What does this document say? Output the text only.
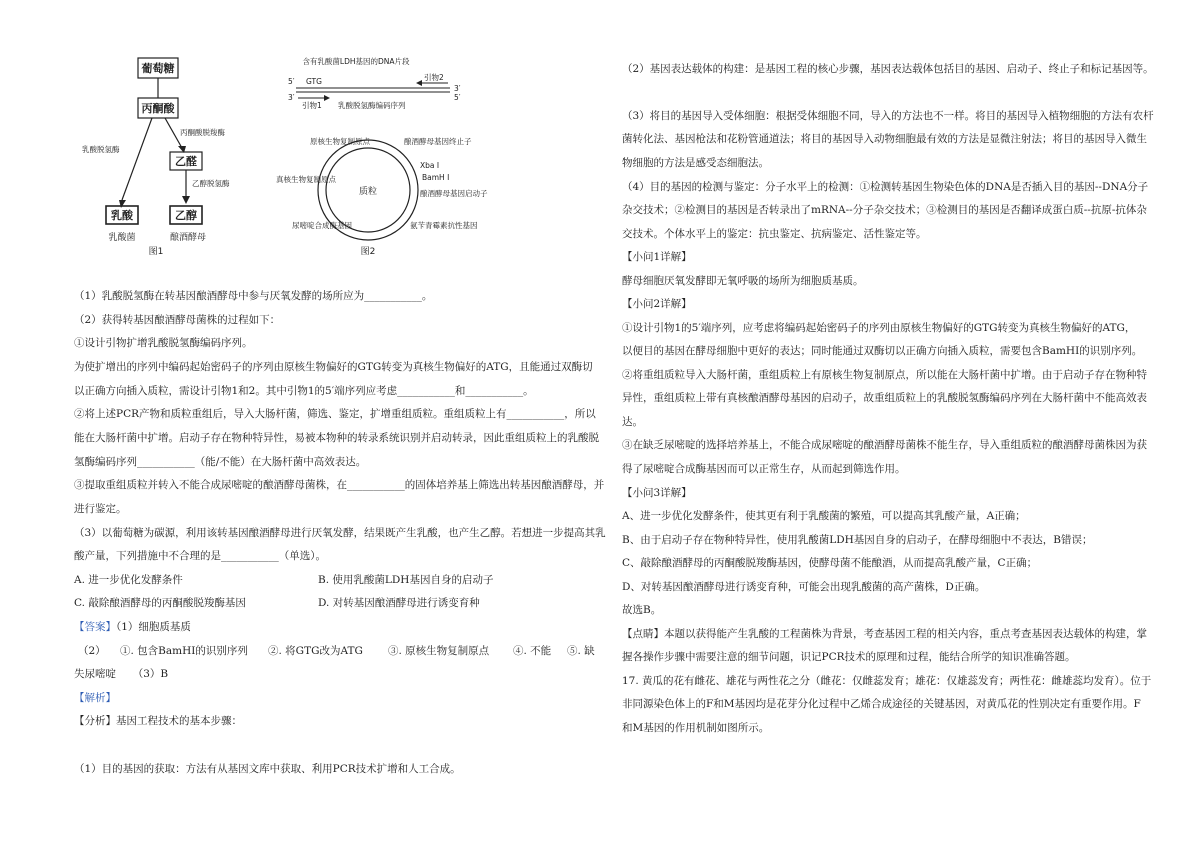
葡萄糖
丙酮酸
丙酮酸脱羧酶
乳酸脱氢酶
乙醛
乙醇脱氢酶
乳酸	乙醇
乳酸菌	酿酒酵母
图1
含有乳酸菌LDH基因的DNA片段
5′ GTG	引物2
3′
5′
3′
引物1 乳酸脱氢酶编码序列
质粒
原核生物复制原点
真核生物复制原点
尿嘧啶合成酶基因
酿酒酵母基因终止子
Xba I
BamH I
酿酒酵母基因启动子
氨苄青霉素抗性基因
图2
（1）乳酸脱氢酶在转基因酿酒酵母中参与厌氧发酵的场所应为___________。
（2）获得转基因酿酒酵母菌株的过程如下：
①设计引物扩增乳酸脱氢酶编码序列。
为使扩增出的序列中编码起始密码子的序列由原核生物偏好的GTG转变为真核生物偏好的ATG，且能通过双酶切
以正确方向插入质粒，需设计引物1和2。其中引物1的5′端序列应考虑___________和___________。
②将上述PCR产物和质粒重组后，导入大肠杆菌，筛选、鉴定，扩增重组质粒。重组质粒上有___________，所以
能在大肠杆菌中扩增。启动子存在物种特异性，易被本物种的转录系统识别并启动转录，因此重组质粒上的乳酸脱
氢酶编码序列___________（能/不能）在大肠杆菌中高效表达。
③提取重组质粒并转入不能合成尿嘧啶的酿酒酵母菌株，在___________的固体培养基上筛选出转基因酿酒酵母，并
进行鉴定。
（3）以葡萄糖为碳源，利用该转基因酿酒酵母进行厌氧发酵，结果既产生乳酸，也产生乙醇。若想进一步提高其乳
酸产量，下列措施中不合理的是___________（单选）。
A. 进一步优化发酵条件	B. 使用乳酸菌LDH基因自身的启动子
C. 敲除酿酒酵母的丙酮酸脱羧酶基因	D. 对转基因酿酒酵母进行诱变育种
【答案】（1）细胞质基质
（2） ①. 包含BamHI的识别序列 ②. 将GTG改为ATG ③. 原核生物复制原点 ④. 不能 ⑤. 缺
失尿嘧啶 （3）B
【解析】
【分析】基因工程技术的基本步骤：
（1）目的基因的获取：方法有从基因文库中获取、利用PCR技术扩增和人工合成。
（2）基因表达载体的构建：是基因工程的核心步骤，基因表达载体包括目的基因、启动子、终止子和标记基因等。
（3）将目的基因导入受体细胞：根据受体细胞不同，导入的方法也不一样。将目的基因导入植物细胞的方法有农杆
菌转化法、基因枪法和花粉管通道法；将目的基因导入动物细胞最有效的方法是显微注射法；将目的基因导入微生
物细胞的方法是感受态细胞法。
（4）目的基因的检测与鉴定：分子水平上的检测：①检测转基因生物染色体的DNA是否插入目的基因--DNA分子
杂交技术；②检测目的基因是否转录出了mRNA--分子杂交技术；③检测目的基因是否翻译成蛋白质--抗原-抗体杂
交技术。个体水平上的鉴定：抗虫鉴定、抗病鉴定、活性鉴定等。
【小问1详解】
酵母细胞厌氧发酵即无氧呼吸的场所为细胞质基质。
【小问2详解】
①设计引物1的5′端序列，应考虑将编码起始密码子的序列由原核生物偏好的GTG转变为真核生物偏好的ATG，
以便目的基因在酵母细胞中更好的表达；同时能通过双酶切以正确方向插入质粒，需要包含BamHI的识别序列。
②将重组质粒导入大肠杆菌，重组质粒上有原核生物复制原点，所以能在大肠杆菌中扩增。由于启动子存在物种特
异性，重组质粒上带有真核酿酒酵母基因的启动子，故重组质粒上的乳酸脱氢酶编码序列在大肠杆菌中不能高效表
达。
③在缺乏尿嘧啶的选择培养基上，不能合成尿嘧啶的酿酒酵母菌株不能生存，导入重组质粒的酿酒酵母菌株因为获
得了尿嘧啶合成酶基因而可以正常生存，从而起到筛选作用。
【小问3详解】
A、进一步优化发酵条件，使其更有利于乳酸菌的繁殖，可以提高其乳酸产量，A正确；
B、由于启动子存在物种特异性，使用乳酸菌LDH基因自身的启动子，在酵母细胞中不表达，B错误；
C、敲除酿酒酵母的丙酮酸脱羧酶基因，使酵母菌不能酿酒，从而提高乳酸产量，C正确；
D、对转基因酿酒酵母进行诱变育种，可能会出现乳酸菌的高产菌株，D正确。
故选B。
【点睛】本题以获得能产生乳酸的工程菌株为背景，考查基因工程的相关内容，重点考查基因表达载体的构建，掌
握各操作步骤中需要注意的细节问题，识记PCR技术的原理和过程，能结合所学的知识准确答题。
17. 黄瓜的花有雌花、雄花与两性花之分（雌花：仅雌蕊发育；雄花：仅雄蕊发育；两性花：雌雄蕊均发育）。位于
非同源染色体上的F和M基因均是花芽分化过程中乙烯合成途径的关键基因，对黄瓜花的性别决定有重要作用。F
和M基因的作用机制如图所示。
